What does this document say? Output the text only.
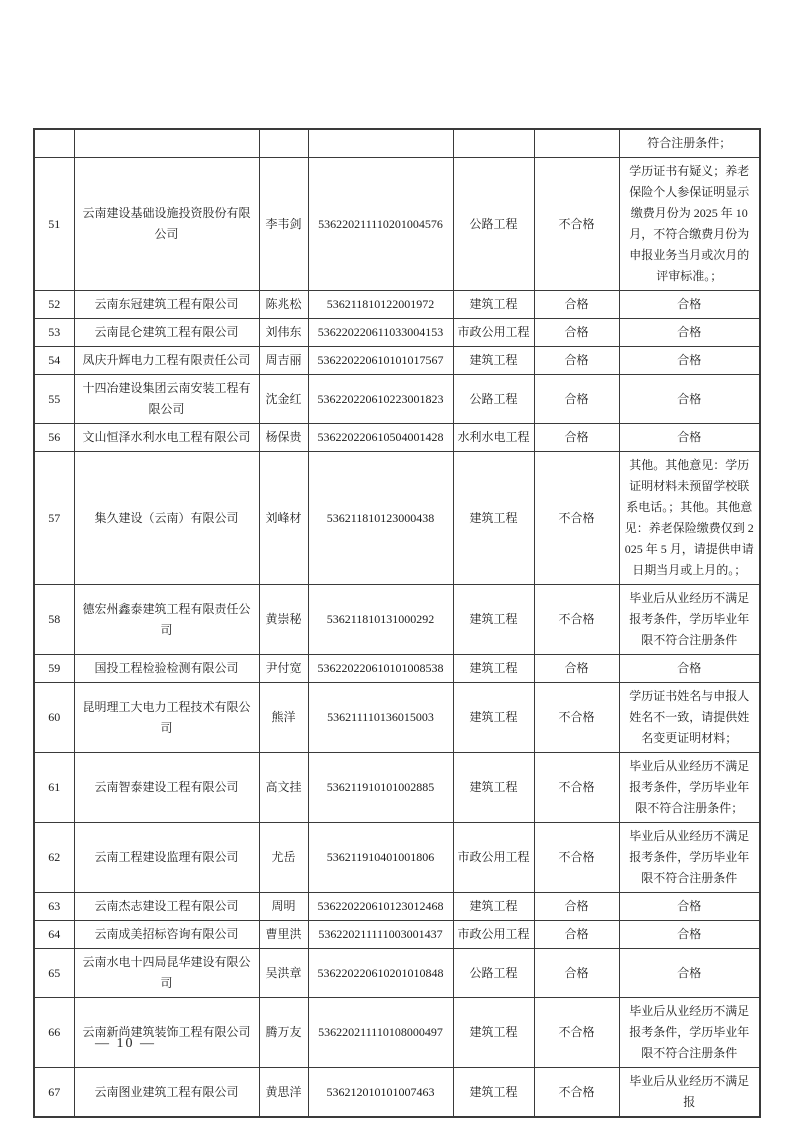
						符合注册条件；
51	云南建设基础设施投资股份有限公司	李韦剑	536220211110201004576	公路工程	不合格	学历证书有疑义；养老保险个人参保证明显示缴费月份为 2025 年 10 月，不符合缴费月份为申报业务当月或次月的评审标准。；
52	云南东冠建筑工程有限公司	陈兆松	536211810122001972	建筑工程	合格	合格
53	云南昆仑建筑工程有限公司	刘伟东	536220220611033004153	市政公用工程	合格	合格
54	凤庆升辉电力工程有限责任公司	周吉丽	536220220610101017567	建筑工程	合格	合格
55	十四冶建设集团云南安装工程有限公司	沈金红	536220220610223001823	公路工程	合格	合格
56	文山恒泽水利水电工程有限公司	杨保贵	536220220610504001428	水利水电工程	合格	合格
57	集久建设（云南）有限公司	刘峰材	536211810123000438	建筑工程	不合格	其他。其他意见：学历证明材料未预留学校联系电话。；其他。其他意见：养老保险缴费仅到 2025 年 5 月，请提供申请日期当月或上月的。；
58	德宏州鑫泰建筑工程有限责任公司	黄崇秘	536211810131000292	建筑工程	不合格	毕业后从业经历不满足报考条件，学历毕业年限不符合注册条件
59	国投工程检验检测有限公司	尹付宽	536220220610101008538	建筑工程	合格	合格
60	昆明理工大电力工程技术有限公司	熊洋	536211110136015003	建筑工程	不合格	学历证书姓名与申报人姓名不一致，请提供姓名变更证明材料；
61	云南智泰建设工程有限公司	高文挂	536211910101002885	建筑工程	不合格	毕业后从业经历不满足报考条件，学历毕业年限不符合注册条件；
62	云南工程建设监理有限公司	尤岳	536211910401001806	市政公用工程	不合格	毕业后从业经历不满足报考条件，学历毕业年限不符合注册条件
63	云南杰志建设工程有限公司	周明	536220220610123012468	建筑工程	合格	合格
64	云南成美招标咨询有限公司	曹里洪	536220211111003001437	市政公用工程	合格	合格
65	云南水电十四局昆华建设有限公司	吴洪章	536220220610201010848	公路工程	合格	合格
66	云南新尚建筑装饰工程有限公司	腾万友	536220211110108000497	建筑工程	不合格	毕业后从业经历不满足报考条件，学历毕业年限不符合注册条件
67	云南图业建筑工程有限公司	黄思洋	536212010101007463	建筑工程	不合格	毕业后从业经历不满足报
— 10 —
